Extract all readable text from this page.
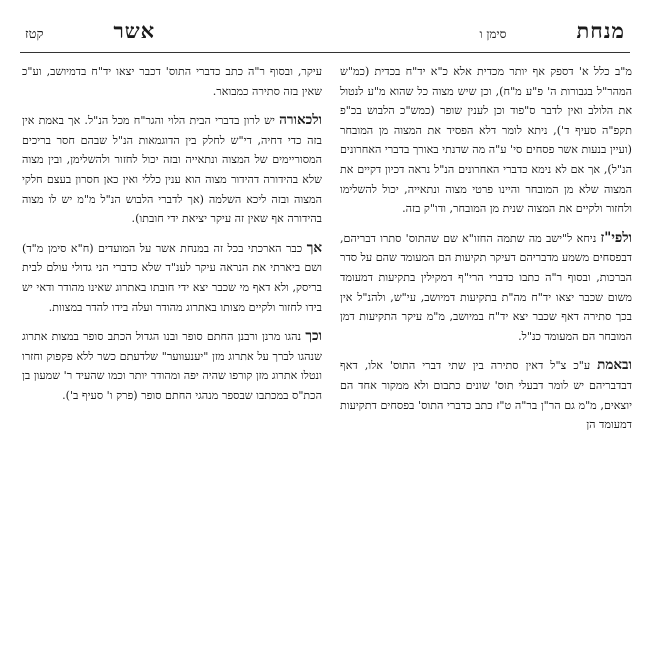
מנחת
סימן ו
אשר
קטז

מ"ב כלל א' דספק אף יותר מכדית אלא כ"א יד"ח בכדית (כמ"ש המהר"ל בגבורות ה' פ"ע מ"ח), וכן שיש מצוה כל שהוא מ"ע לנטול את הלולב ואין לדבר ס"פוד וכן לענין שופר (כמש"כ הלבוש בכ"פ תקפ"ה סעיף ד'), ניתא לומר דלא הפסיד את המצוה מן המובחר (ועיין בנעות אשר פסחים סי' ע"ה מה שדנתי באורך בדברי האחרונים הנ"ל), אך אם לא נימא כדברי האחרונים הנ"ל נראה דכיון דקיים את המצוה שלא מן המובחר והיינו פרטי מצוה ונתאייה, יכול להשלימו ולחזור ולקיים את המצוה שנית מן המובחר, ודו"ק בזה.

ולפי"ז ניחא ל"ישב מה שתמה החזו"א שם שהתוס' סתרו דבריהם, דבפסחים משמע מדבריהם דעיקר תקיעות הם המעומד שהם על סדר הברכות, ובסוף ר"ה כתבו כדברי הרי"ף דמקילין בתקיעות דמעומד משום שכבר יצאו יד"ח מה"ת בתקיעות דמיושב, עי"ש, ולהנ"ל אין בכך סתירה דאף שכבר יצא יד"ח במיושב, מ"מ עיקר התקיעות דמן המובחר הם המעומד כנ"ל.

ובאמת ע"כ צ"ל דאין סתירה בין שתי דברי התוס' אלו, דאף דבדבריהם יש לומר דבעלי תוס' שונים כתבום ולא ממקור אחד הם יוצאים, מ"מ גם הר"ן בר"ה ט"ז כתב כדברי התוס' בפסחים דתקיעות דמעומד הן

עיקר, ובסוף ר"ה כתב כדברי התוס' דכבר יצאו יד"ח בדמיושב, וע"כ שאין בזה סתירה כמבואר.

ולכאורה יש לרון בדברי הבית הלוי והגר"ח מכל הנ"ל. אך באמת אין בזה כדי דחיה, די"ש לחלק בין הדוגמאות הנ"ל שבהם חסר בריכים המסוריימים של המצוה ונתאייה ובזה יכול לחזור ולהשלימן, ובין מצוה שלא בהידורה דהידור מצוה הוא ענין כללי ואין כאן חסרון בעצם חלקי המצוה ובזה ליכא השלמה (אך לדברי הלבוש הנ"ל מ"מ יש לו מצוה בהידורה אף שאין זה עיקר יציאת ידי חובתו).

אך כבר הארכתי בכל זה במנחת אשר על המועדים (ח"א סימן מ"ד) ושם ביארתי את הנראה עיקר לענ"ד שלא כדברי הני גדולי עולם לבית בריסק, ולא דאף מי שכבר יצא ידי חובתו באתרוג שאינו מהודר ודאי יש בידו לחזור ולקיים מצותו באתרוג מהודר ועלה בידו להדר במצוות.

וכך נהגו מרנן ורבנן החתם סופר ובנו הגדול הכתב סופר במצות אתרוג שנהגו לברך על אתרוג מזן "יענעווער" שלדעתם כשר ללא פקפוק וחזרו ונטלו אתרוג מזן קורפו שהיה יפה ומהודר יותר וכמו שהעיד ר' שמעון בן הכת"ס במכתבו שבספר מנהגי החתם סופר (פרק ו' סעיף ב').
